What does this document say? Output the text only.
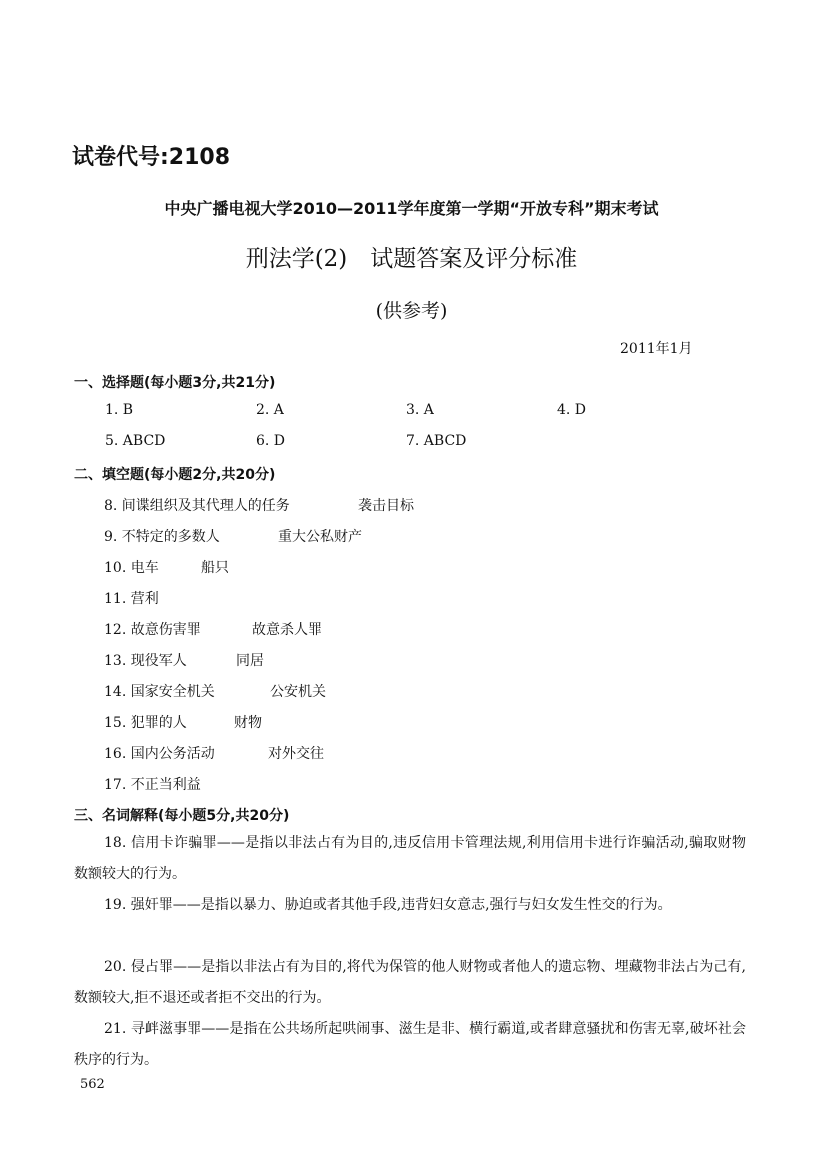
试卷代号:2108
中央广播电视大学2010—2011学年度第一学期“开放专科”期末考试
刑法学(2)　试题答案及评分标准
(供参考)
2011年1月
一、选择题(每小题3分,共21分)
1. B	2. A	3. A	4. D
5. ABCD	6. D	7. ABCD
二、填空题(每小题2分,共20分)
8. 间谍组织及其代理人的任务	袭击目标
9. 不特定的多数人	重大公私财产
10. 电车	船只
11. 营利
12. 故意伤害罪	故意杀人罪
13. 现役军人	同居
14. 国家安全机关	公安机关
15. 犯罪的人	财物
16. 国内公务活动	对外交往
17. 不正当利益
三、名词解释(每小题5分,共20分)
18. 信用卡诈骗罪——是指以非法占有为目的,违反信用卡管理法规,利用信用卡进行诈骗活动,骗取财物数额较大的行为。
19. 强奸罪——是指以暴力、胁迫或者其他手段,违背妇女意志,强行与妇女发生性交的行为。
20. 侵占罪——是指以非法占有为目的,将代为保管的他人财物或者他人的遗忘物、埋藏物非法占为己有,数额较大,拒不退还或者拒不交出的行为。
21. 寻衅滋事罪——是指在公共场所起哄闹事、滋生是非、横行霸道,或者肆意骚扰和伤害无辜,破坏社会秩序的行为。
562
